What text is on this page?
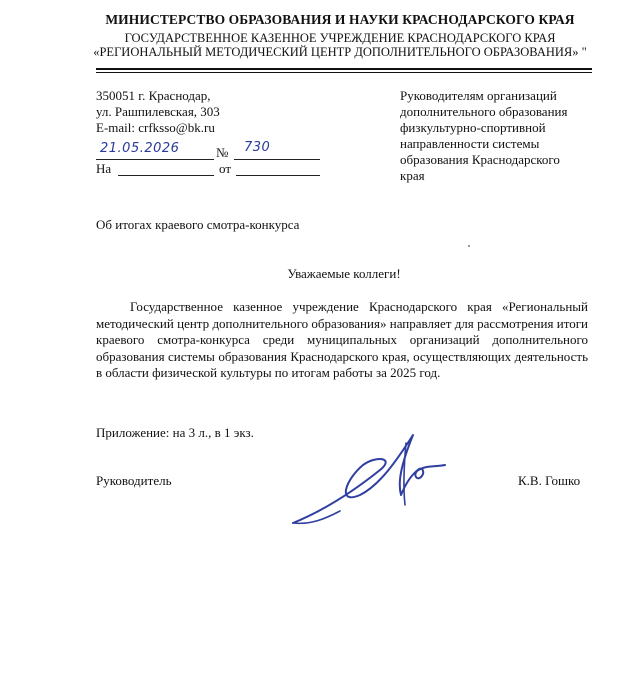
МИНИСТЕРСТВО ОБРАЗОВАНИЯ И НАУКИ КРАСНОДАРСКОГО КРАЯ
ГОСУДАРСТВЕННОЕ КАЗЕННОЕ УЧРЕЖДЕНИЕ КРАСНОДАРСКОГО КРАЯ
«РЕГИОНАЛЬНЫЙ МЕТОДИЧЕСКИЙ ЦЕНТР ДОПОЛНИТЕЛЬНОГО ОБРАЗОВАНИЯ» "
350051 г. Краснодар,
ул. Рашпилевская, 303
E-mail: crfksso@bk.ru
Руководителям организаций
дополнительного образования
физкультурно-спортивной
направленности системы
образования Краснодарского
края
21.05.2026	№ 730
На	от
Об итогах краевого смотра-конкурса
Уважаемые коллеги!
Государственное казенное учреждение Краснодарского края «Региональный методический центр дополнительного образования» направляет для рассмотрения итоги краевого смотра-конкурса среди муниципальных организаций дополнительного образования системы образования Краснодарского края, осуществляющих деятельность в области физической культуры по итогам работы за 2025 год.
Приложение: на 3 л., в 1 экз.
Руководитель	К.В. Гошко
